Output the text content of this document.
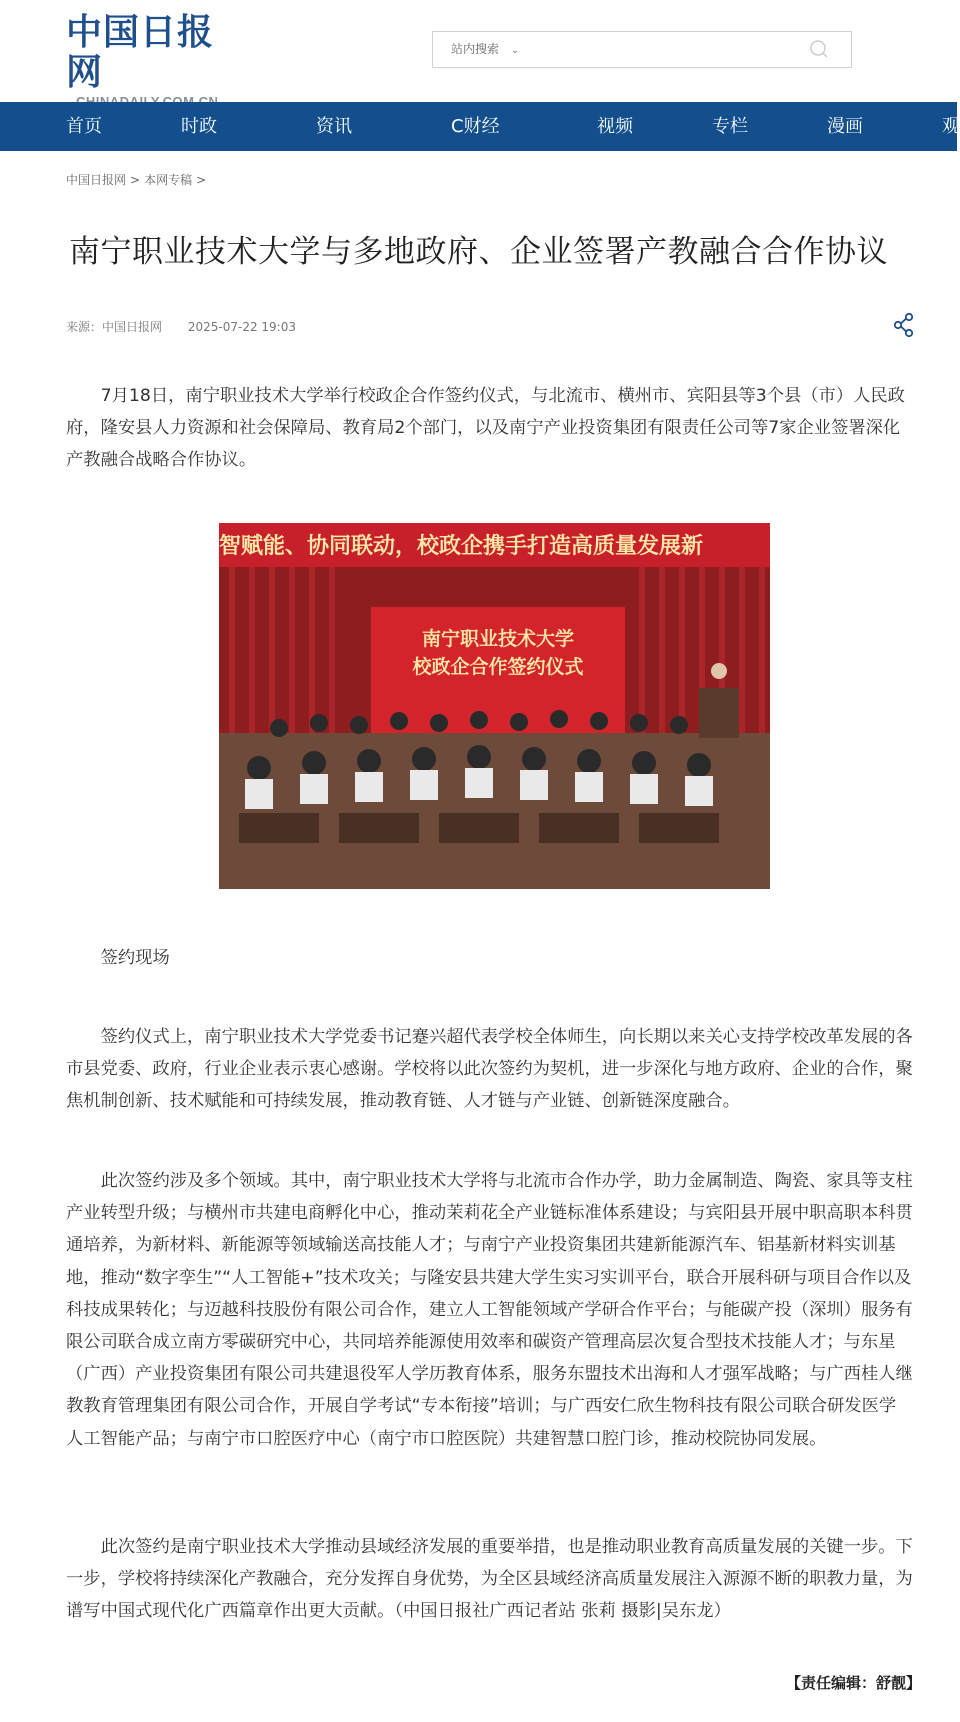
中国日报网
站内搜索 ⌄
首页	时政	资讯	C财经	视频	专栏	漫画	观
中国日报网 > 本网专稿 >
南宁职业技术大学与多地政府、企业签署产教融合合作协议
来源：中国日报网 2025-07-22 19:03

7月18日，南宁职业技术大学举行校政企合作签约仪式，与北流市、横州市、宾阳县等3个县（市）人民政府，隆安县人力资源和社会保障局、教育局2个部门，以及南宁产业投资集团有限责任公司等7家企业签署深化产教融合战略合作协议。

智赋能、协同联动，校政企携手打造高质量发展新
南宁职业技术大学
校政企合作签约仪式

签约现场

签约仪式上，南宁职业技术大学党委书记蹇兴超代表学校全体师生，向长期以来关心支持学校改革发展的各市县党委、政府，行业企业表示衷心感谢。学校将以此次签约为契机，进一步深化与地方政府、企业的合作，聚焦机制创新、技术赋能和可持续发展，推动教育链、人才链与产业链、创新链深度融合。

此次签约涉及多个领域。其中，南宁职业技术大学将与北流市合作办学，助力金属制造、陶瓷、家具等支柱产业转型升级；与横州市共建电商孵化中心，推动茉莉花全产业链标准体系建设；与宾阳县开展中职高职本科贯通培养，为新材料、新能源等领域输送高技能人才；与南宁产业投资集团共建新能源汽车、铝基新材料实训基地，推动“数字孪生”“人工智能+”技术攻关；与隆安县共建大学生实习实训平台，联合开展科研与项目合作以及科技成果转化；与迈越科技股份有限公司合作，建立人工智能领域产学研合作平台；与能碳产投（深圳）服务有限公司联合成立南方零碳研究中心，共同培养能源使用效率和碳资产管理高层次复合型技术技能人才；与东星（广西）产业投资集团有限公司共建退役军人学历教育体系，服务东盟技术出海和人才强军战略；与广西桂人继教教育管理集团有限公司合作，开展自学考试“专本衔接”培训；与广西安仁欣生物科技有限公司联合研发医学人工智能产品；与南宁市口腔医疗中心（南宁市口腔医院）共建智慧口腔门诊，推动校院协同发展。

此次签约是南宁职业技术大学推动县域经济发展的重要举措，也是推动职业教育高质量发展的关键一步。下一步，学校将持续深化产教融合，充分发挥自身优势，为全区县域经济高质量发展注入源源不断的职教力量，为谱写中国式现代化广西篇章作出更大贡献。（中国日报社广西记者站 张莉 摄影|吴东龙）

【责任编辑：舒靓】
